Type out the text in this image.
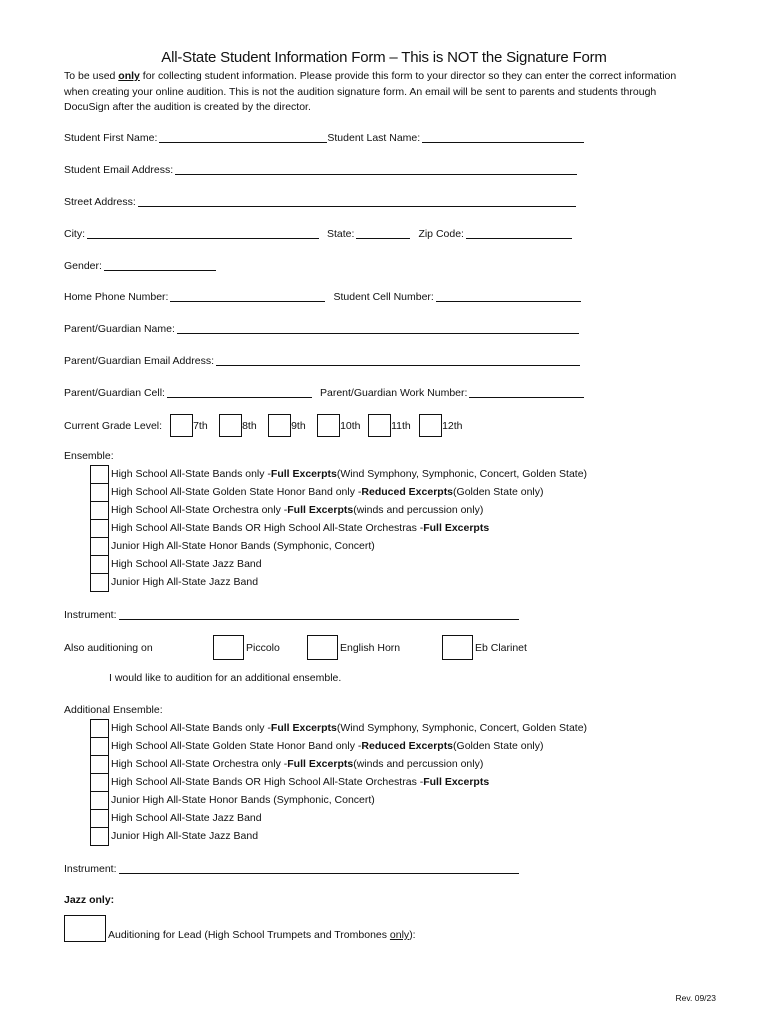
All-State Student Information Form – This is NOT the Signature Form
To be used only for collecting student information. Please provide this form to your director so they can enter the correct information when creating your online audition. This is not the audition signature form. An email will be sent to parents and students through DocuSign after the audition is created by the director.
Student First Name:	Student Last Name:
Student Email Address:
Street Address:
City:	State:	Zip Code:
Gender:
Home Phone Number:	Student Cell Number:
Parent/Guardian Name:
Parent/Guardian Email Address:
Parent/Guardian Cell:	Parent/Guardian Work Number:
Current Grade Level:	7th	8th	9th	10th	11th	12th
Ensemble:
High School All-State Bands only - Full Excerpts (Wind Symphony, Symphonic, Concert, Golden State)
High School All-State Golden State Honor Band only - Reduced Excerpts (Golden State only)
High School All-State Orchestra only - Full Excerpts (winds and percussion only)
High School All-State Bands OR High School All-State Orchestras - Full Excerpts
Junior High All-State Honor Bands (Symphonic, Concert)
High School All-State Jazz Band
Junior High All-State Jazz Band
Instrument:
Also auditioning on	Piccolo	English Horn	Eb Clarinet
I would like to audition for an additional ensemble.
Additional Ensemble:
High School All-State Bands only - Full Excerpts (Wind Symphony, Symphonic, Concert, Golden State)
High School All-State Golden State Honor Band only - Reduced Excerpts (Golden State only)
High School All-State Orchestra only - Full Excerpts (winds and percussion only)
High School All-State Bands OR High School All-State Orchestras - Full Excerpts
Junior High All-State Honor Bands (Symphonic, Concert)
High School All-State Jazz Band
Junior High All-State Jazz Band
Instrument:
Jazz only:
Auditioning for Lead (High School Trumpets and Trombones only):
Rev. 09/23
